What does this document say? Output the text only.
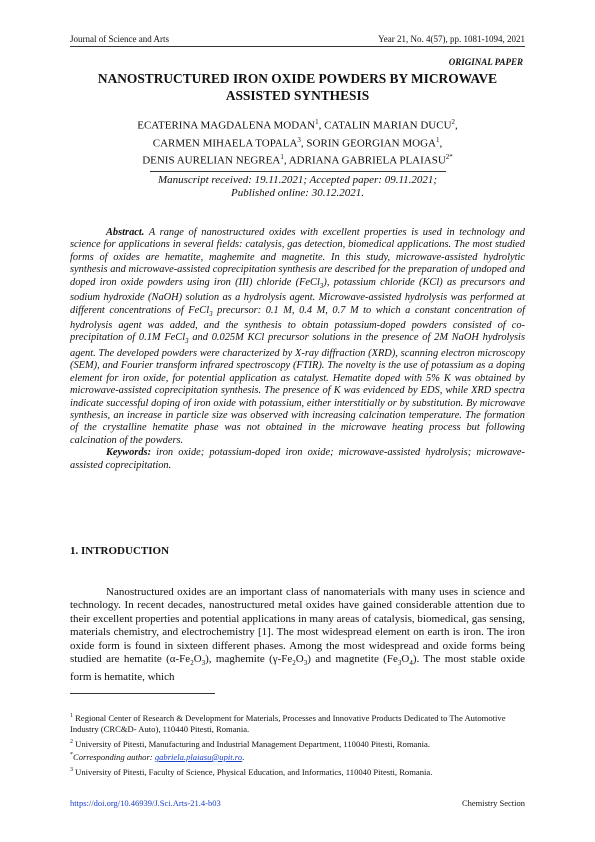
Journal of Science and Arts	Year 21, No. 4(57), pp. 1081-1094, 2021
ORIGINAL PAPER
NANOSTRUCTURED IRON OXIDE POWDERS BY MICROWAVE
ASSISTED SYNTHESIS
ECATERINA MAGDALENA MODAN$^1$, CATALIN MARIAN DUCU$^2$,
CARMEN MIHAELA TOPALA$^3$, SORIN GEORGIAN MOGA$^1$,
DENIS AURELIAN NEGREA$^1$, ADRIANA GABRIELA $PLAIASU^{2*}$
Manuscript received: 19.11.2021; Accepted paper: 09.11.2021;
Published online: 30.12.2021.

Abstract. A range of nanostructured oxides with excellent properties is used in technology and science for applications in several fields: catalysis, gas detection, biomedical applications. The most studied forms of oxides are hematite, maghemite and magnetite. In this study, microwave-assisted hydrolytic synthesis and microwave-assisted coprecipitation synthesis are described for the preparation of undoped and doped iron oxide powders using iron (III) chloride (FeCl$_3$), potassium chloride (KCl) as precursors and sodium hydroxide (NaOH) solution as a hydrolysis agent. Microwave-assisted hydrolysis was performed at different concentrations of FeCl$_3$ precursor: 0.1 M, 0.4 M, 0.7 M to which a constant concentration of hydrolysis agent was added, and the synthesis to obtain potassium-doped powders consisted of co-precipitation of 0.1M FeCl$_3$ and 0.025M KCl precursor solutions in the presence of 2M NaOH hydrolysis agent. The developed powders were characterized by X-ray diffraction (XRD), scanning electron microscopy (SEM), and Fourier transform infrared spectroscopy (FTIR). The novelty is the use of potassium as a doping element for iron oxide, for potential application as catalyst. Hematite doped with 5% K was obtained by microwave-assisted coprecipitation synthesis. The presence of K was evidenced by EDS, while XRD spectra indicate successful doping of iron oxide with potassium, either interstitially or by substitution. By microwave synthesis, an increase in particle size was observed with increasing calcination temperature. The formation of the crystalline hematite phase was not obtained in the microwave heating process but following calcination of the powders.

Keywords: iron oxide; potassium-doped iron oxide; microwave-assisted hydrolysis; microwave-assisted coprecipitation.

1. INTRODUCTION

Nanostructured oxides are an important class of nanomaterials with many uses in science and technology. In recent decades, nanostructured metal oxides have gained considerable attention due to their excellent properties and potential applications in many areas of catalysis, biomedical, gas sensing, materials chemistry, and electrochemistry [1]. The most widespread element on earth is iron. The iron oxide form is found in sixteen different phases. Among the most widespread and oxide forms being studied are hematite $(\alpha-Fe_2O_3)$, maghemite $(\gamma-Fe_2O_3)$ and magnetite $(Fe_3O_4)$. The most stable oxide form is hematite, which

$^1$ Regional Center of Research & Development for Materials, Processes and Innovative Products Dedicated to The Automotive Industry (CRC&D- Auto), 110440 Pitesti, Romania.
$^2$ University of Pitesti, Manufacturing and Industrial Management Department, 110040 Pitesti, Romania.
*Corresponding author: gabriela.plaiasu@upit.ro.
$^3$ University of Pitesti, Faculty of Science, Physical Education, and Informatics, 110040 Pitesti, Romania.
https://doi.org/10.46939/J.Sci.Arts-21.4-b03	Chemistry Section
